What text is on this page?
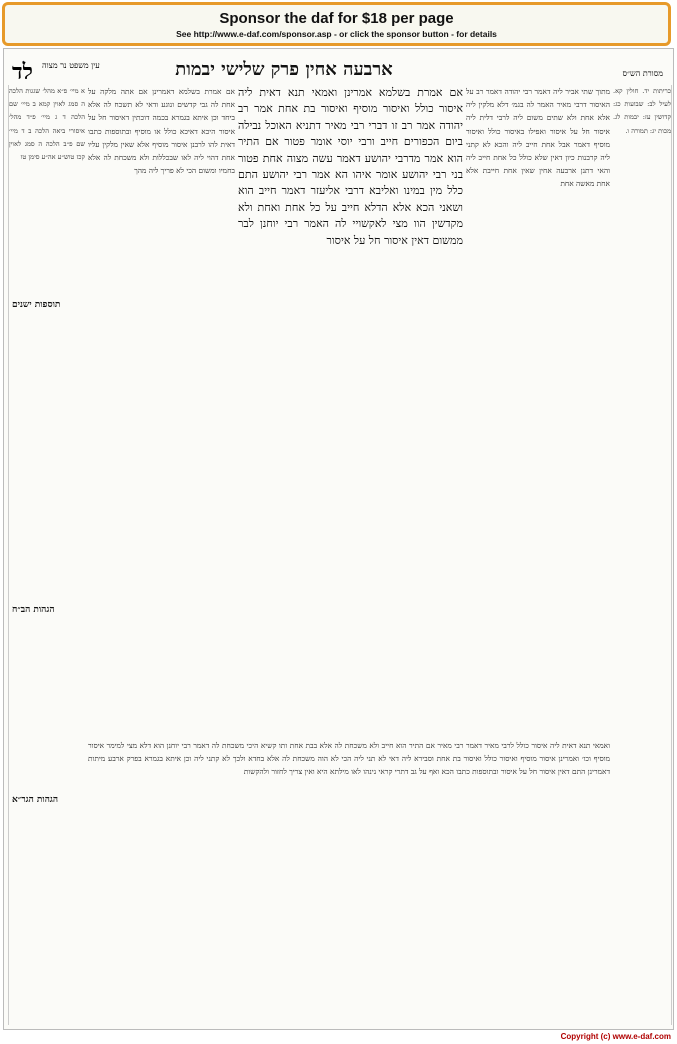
Sponsor the daf for $18 per page
See http://www.e-daf.com/sponsor.asp - or click the sponsor button - for details
לד עין משפט נר מצוה	ארבעה אחין פרק שלישי יבמות	מסורת הש״ס
א מיי׳ פ״א מהל׳ שגגות הלכה ה סמג לאוין קמא ב מיי׳ שם הלכה ד ג מיי׳ פ״ד מהל׳ איסורי ביאה הלכה ב ד מיי׳ שם פ״ב הלכה ה סמג לאוין קכז טוש״ע אה״ע סימן טו
תוספות ישנים
הגהות הב״ח
הגהות הגר״א
אם אמרת בשלמא דאמרינן אם אתה מלקה על אחת לה גבי קדשים ונוגע ודאי לא תשכח לה אלא ביחד וכן איתא בגמרא בכמה דוכתין דאיסור חל על איסור היכא דאיכא כולל או מוסיף ובתוספות כתבו דאית להו לרבנן איסור מוסיף אלא שאין מלקין עליו אחת דהוי ליה לאו שבכללות ולא משכחת לה אלא בחמיו ומשום הכי לא פריך ליה מהך
אם אמרת בשלמא אמרינן ואמאי תנא דאית ליה איסור כולל ואיסור מוסיף ואיסור בת אחת אמר רב יהודה אמר רב זו דברי רבי מאיר דתניא האוכל נבילה ביום הכפורים חייב ורבי יוסי אומר פטור אם התיר הוא אמר מדרבי יהושע דאמר עשה מצוה אחת פטור בני רבי יהושע אומר איהו הא אמר רבי יהושע התם כלל מין במינו ואליבא דרבי אליעזר דאמר חייב הוא ושאני הכא אלא הדלא חייב על כל אחת ואחת ולא מקדשין הוו מצי לאקשויי לה האמר רבי יוחנן לבר ממשום דאין איסור חל על איסור
מתוך שתי אביר ליה דאמר רבי יהודה דאמר רב על האיסור דרבי מאיר האמר לה בגמ׳ דלא מלקין ליה אלא אחת ולא שתים משום ליה לרבי דלית ליה איסור חל על איסור ואפילו באיסור כולל ואיסור מוסיף דאמר אבל אחת חייב ליה והכא לא קתני ליה קרבנות כיון דאין שלא כולל כל אחת חייב ליה והאי דתנן ארבעה אחין שאין אחת חייבת אלא אחת מאשה אחת
כריתות יד. חולין קא. לעיל לב: שבועות כג: קדושין עז: יבמות לג. מכות יג: תמורה ו.
ואמאי תנא דאית ליה איסור כולל לרבי מאיר דאמר רבי מאיר אם התיר הוא חייב ולא משכחת לה אלא בבת אחת ותו קשיא היכי משכחת לה דאמר רבי יוחנן הוא דלא מצי למימר איסור מוסיף וכו׳ ואמרינן איסור מוסיף ואיסור כולל ואיסור בת אחת וסבירא ליה דאי לא תני ליה הכי לא הוה משכחת לה אלא בחדא ולכך לא קתני ליה וכן איתא בגמרא בפרק ארבע מיתות דאמרינן התם דאין איסור חל על איסור ובתוספות כתבו הכא ואף על גב דתרי קראי נינהו לאו מילתא היא ואין צריך לחזור ולהקשות
Copyright (c) www.e-daf.com
